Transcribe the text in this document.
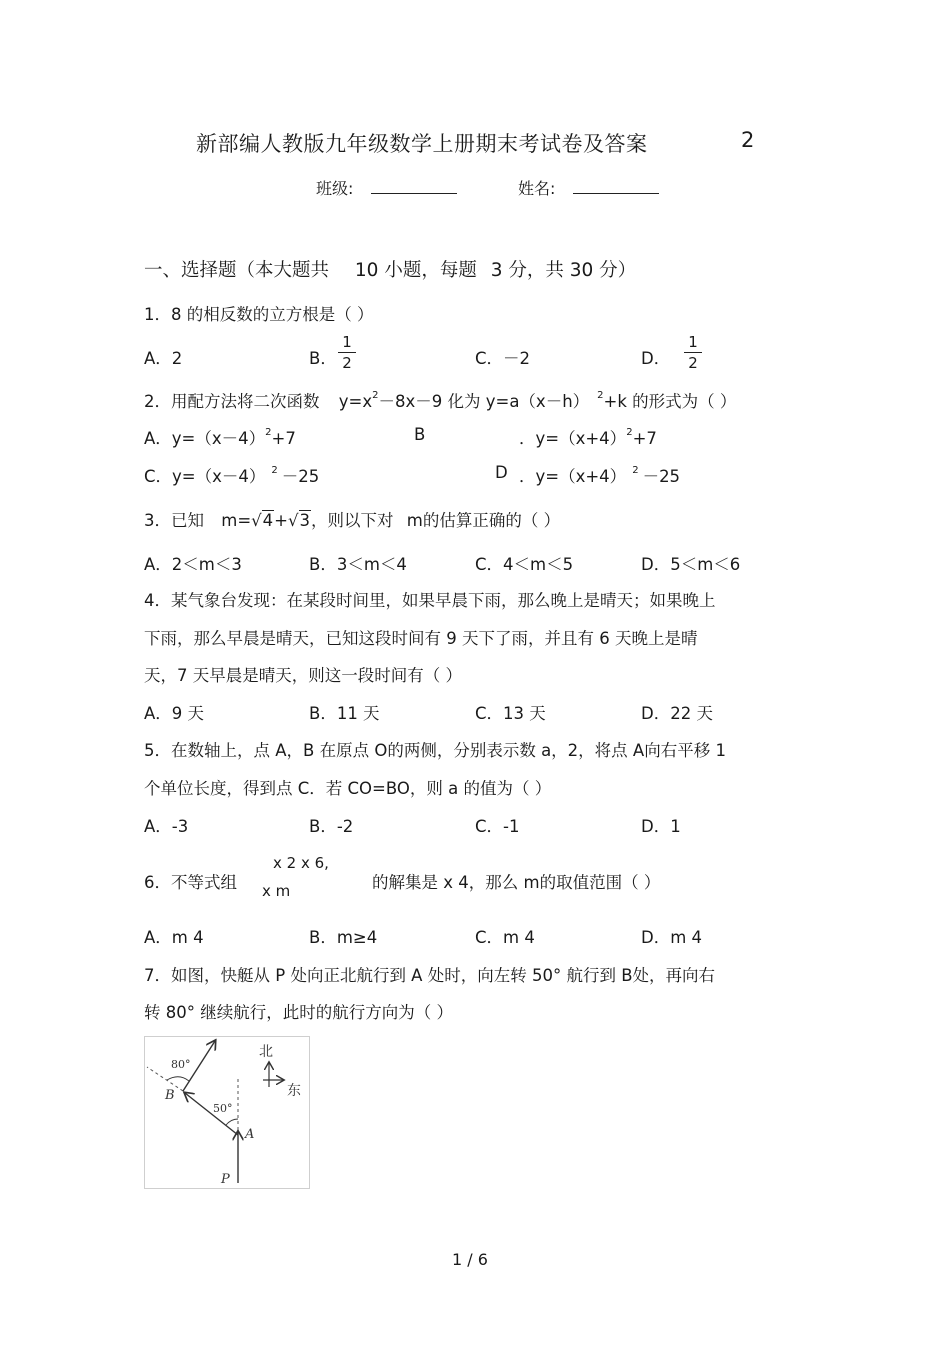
新部编人教版九年级数学上册期末考试卷及答案	2
班级:	姓名:
一、选择题（本大题共 10 小题，每题 3 分，共 30 分）
1．8 的相反数的立方根是（ ）
A．2	B．
1
2	C．－2	D．
1
2
2．用配方法将二次函数 $y=x^2-8x-9$ 化为 y=a（x－h） $^2$+k 的形式为（ ）
A．$y=(x-4)^2+7$	B	．$y=(x+4)^2+7$
C．y=（x－4） $^2$ －25	D ．y=（x+4） $^2$ －25
3．已知 m=√4+√3，则以下对 m的估算正确的（ ）
A．2＜m＜3	B．3＜m＜4	C．4＜m＜5	D．5＜m＜6
4．某气象台发现：在某段时间里，如果早晨下雨，那么晚上是晴天；如果晚上
下雨，那么早晨是晴天，已知这段时间有 9 天下了雨，并且有 6 天晚上是晴
天，7 天早晨是晴天，则这一段时间有（ ）
A．9 天	B．11 天	C．13 天	D．22 天
5．在数轴上，点 A，B 在原点 O的两侧，分别表示数 a，2，将点 A向右平移 1
个单位长度，得到点 C．若 CO=BO，则 a 的值为（ ）
A．-3	B．-2	C．-1	D．1
6．不等式组
x 2 x 6,
x m	的解集是 x 4，那么 m的取值范围（ ）
A．m 4	B．m≥4	C．m 4	D．m 4
7．如图，快艇从 P 处向正北航行到 A 处时，向左转 50° 航行到 B处，再向右
转 80° 继续航行，此时的航行方向为（ ）
80°
50°
B
A
P
北
东
1 / 6
